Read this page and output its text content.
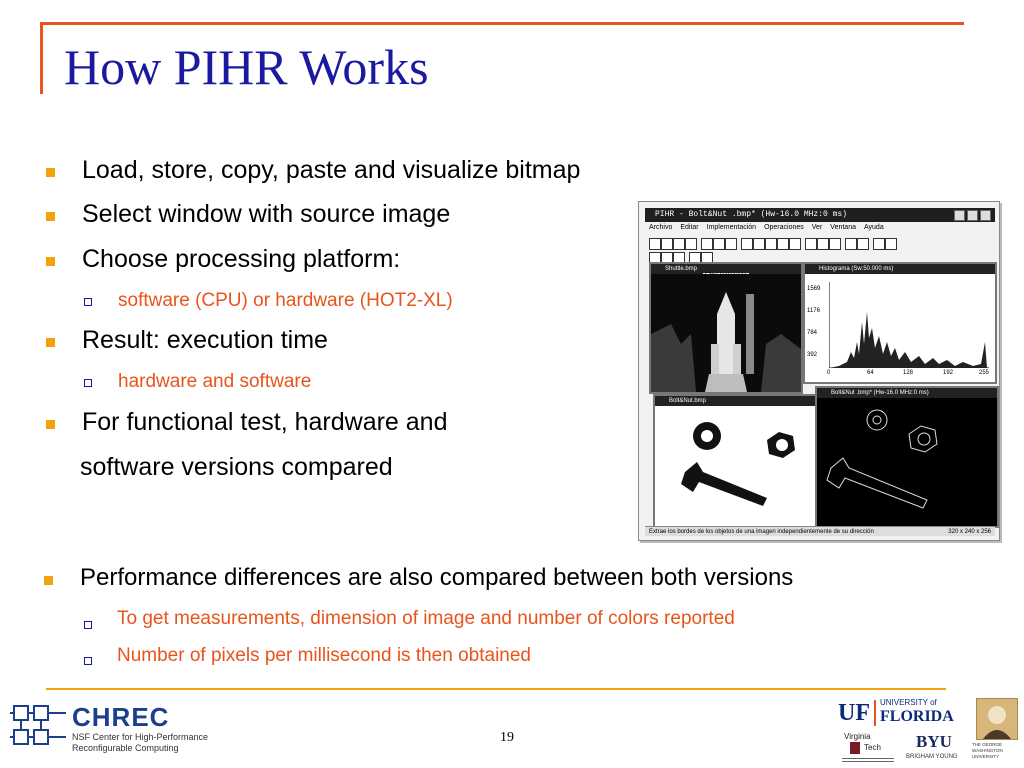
How PIHR Works
Load, store, copy, paste and visualize bitmap
Select window with source image
Choose processing platform:
software (CPU) or hardware (HOT2-XL)
Result: execution time
hardware and software
For functional test, hardware and
software versions compared
Performance differences are also compared between both versions
To get measurements, dimension of image and number of colors reported
Number of pixels per millisecond is then obtained
PIHR - Bolt&Nut .bmp* (Hw-16.0 MHz:0 ms)
Archivo Editar Implementación Operaciones Ver Ventana Ayuda
Shuttle.bmp	Histograma (Sw:50.000 ms)
1569
1176
784
392
0	64	128	192	255
Bolt&Nut.bmp
Bolt&Nut .bmp* (Hw-16.0 MHz:0 ms)
Extrae los bordes de los objetos de una imagen independientemente de su dirección	320 x 240 x 256
19
CHREC
NSF Center for High-Performance
Reconfigurable Computing
UF UNIVERSITY of
FLORIDA
Virginia
Tech BYU
BRIGHAM YOUNG
THE GEORGE
WASHINGTON
UNIVERSITY
